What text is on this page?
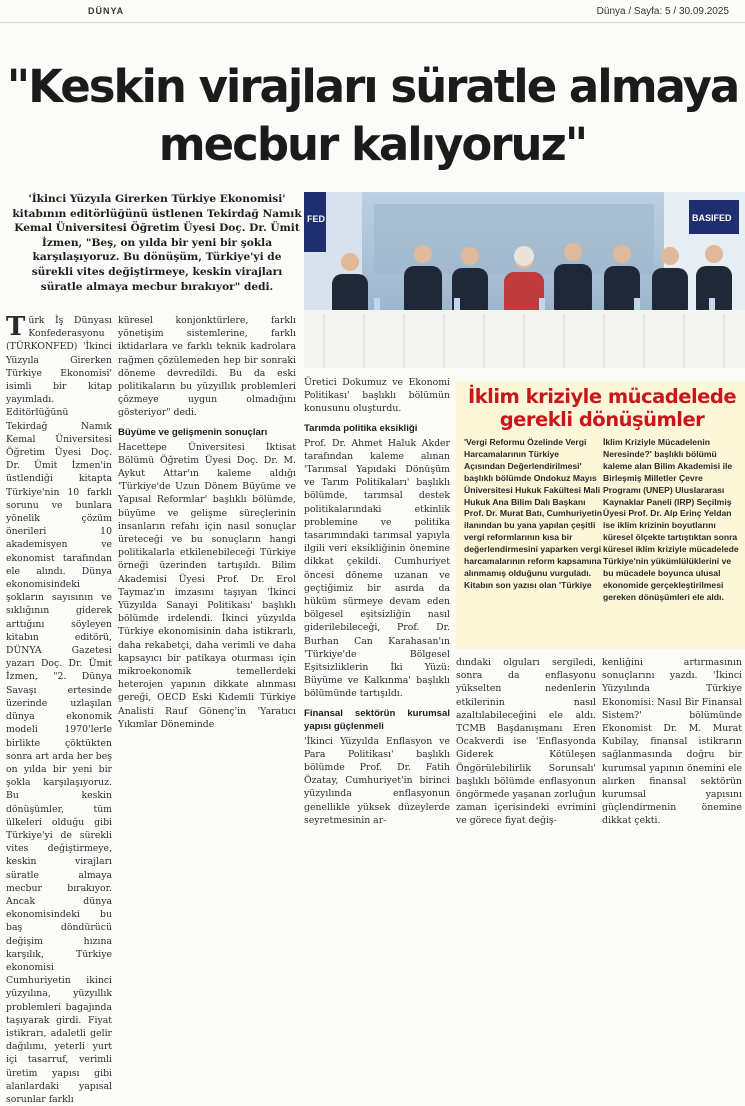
DÜNYA	Dünya / Sayfa: 5 / 30.09.2025
"Keskin virajları süratle almaya mecbur kalıyoruz"
'İkinci Yüzyıla Girerken Türkiye Ekonomisi' kitabının editörlüğünü üstlenen Tekirdağ Namık Kemal Üniversitesi Öğretim Üyesi Doç. Dr. Ümit İzmen, "Beş, on yılda bir yeni bir şokla karşılaşıyoruz. Bu dönüşüm, Türkiye'yi de sürekli vites değiştirmeye, keskin virajları süratle almaya mecbur bırakıyor" dedi.
FED	BASIFED
Türk İş Dünyası Konfederasyonu (TÜRKONFED) 'İkinci Yüzyıla Girerken Türkiye Ekonomisi' isimli bir kitap yayımladı. Editörlüğünü Tekirdağ Namık Kemal Üniversitesi Öğretim Üyesi Doç. Dr. Ümit İzmen'in üstlendiği kitapta Türkiye'nin 10 farklı sorunu ve bunlara yönelik çözüm önerileri 10 akademisyen ve ekonomist tarafından ele alındı. Dünya ekonomisindeki şokların sayısının ve sıklığının giderek arttığını söyleyen kitabın editörü, DÜNYA Gazetesi yazarı Doç. Dr. Ümit İzmen, "2. Dünya Savaşı ertesinde üzerinde uzlaşılan dünya ekonomik modeli 1970'lerle birlikte çöktükten sonra art arda her beş on yılda bir yeni bir şokla karşılaşıyoruz. Bu keskin dönüşümler, tüm ülkeleri olduğu gibi Türkiye'yi de sürekli vites değiştirmeye, keskin virajları süratle almaya mecbur bırakıyor. Ancak dünya ekonomisindeki bu baş döndürücü değişim hızına karşılık, Türkiye ekonomisi Cumhuriyetin ikinci yüzyılına, yüzyıllık problemleri bagajında taşıyarak girdi. Fiyat istikrarı, adaletli gelir dağılımı, yeterli yurt içi tasarruf, verimli üretim yapısı gibi alanlardaki yapısal sorunlar farklı

küresel konjonktürlere, farklı yönetişim sistemlerine, farklı iktidarlara ve farklı teknik kadrolara rağmen çözülemeden hep bir sonraki döneme devredildi. Bu da eski politikaların bu yüzyıllık problemleri çözmeye uygun olmadığını gösteriyor" dedi.

Büyüme ve gelişmenin sonuçları

Hacettepe Üniversitesi İktisat Bölümü Öğretim Üyesi Doç. Dr. M. Aykut Attar'ın kaleme aldığı 'Türkiye'de Uzun Dönem Büyüme ve Yapısal Reformlar' başlıklı bölümde, büyüme ve gelişme süreçlerinin insanların refahı için nasıl sonuçlar üreteceği ve bu sonuçların hangi politikalarla etkilenebileceği Türkiye örneği üzerinden tartışıldı. Bilim Akademisi Üyesi Prof. Dr. Erol Taymaz'ın imzasını taşıyan 'İkinci Yüzyılda Sanayi Politikası' başlıklı bölümde irdelendi. İkinci yüzyılda Türkiye ekonomisinin daha istikrarlı, daha rekabetçi, daha verimli ve daha kapsayıcı bir patikaya oturması için mikroekonomik temellerdeki heterojen yapının dikkate alınması gereği, OECD Eski Kıdemli Türkiye Analisti Rauf Gönenç'in 'Yaratıcı Yıkımlar Döneminde

Üretici Dokumuz ve Ekonomi Politikası' başlıklı bölümün konusunu oluşturdu.

Tarımda politika eksikliği

Prof. Dr. Ahmet Haluk Akder tarafından kaleme alınan 'Tarımsal Yapıdaki Dönüşüm ve Tarım Politikaları' başlıklı bölümde, tarımsal destek politikalarındaki etkinlik problemine ve politika tasarımındaki tarımsal yapıyla ilgili veri eksikliğinin önemine dikkat çekildi. Cumhuriyet öncesi döneme uzanan ve geçtiğimiz bir asırda da hüküm sürmeye devam eden bölgesel eşitsizliğin nasıl giderilebileceği, Prof. Dr. Burhan Can Karahasan'ın 'Türkiye'de Bölgesel Eşitsizliklerin İki Yüzü: Büyüme ve Kalkınma' başlıklı bölümünde tartışıldı.

Finansal sektörün kurumsal yapısı güçlenmeli

'İkinci Yüzyılda Enflasyon ve Para Politikası' başlıklı bölümde Prof. Dr. Fatih Özatay, Cumhuriyet'in birinci yüzyılında enflasyonun genellikle yüksek düzeylerde seyretmesinin ar-

İklim kriziyle mücadelede gerekli dönüşümler

'Vergi Reformu Özelinde Vergi Harcamalarının Türkiye Açısından Değerlendirilmesi' başlıklı bölümde Ondokuz Mayıs Üniversitesi Hukuk Fakültesi Mali Hukuk Ana Bilim Dalı Başkanı Prof. Dr. Murat Batı, Cumhuriyetin ilanından bu yana yapılan çeşitli vergi reformlarının kısa bir değerlendirmesini yaparken vergi harcamalarının reform kapsamına alınmamış olduğunu vurguladı. Kitabın son yazısı olan 'Türkiye

İklim Kriziyle Mücadelenin Neresinde?' başlıklı bölümü kaleme alan Bilim Akademisi ile Birleşmiş Milletler Çevre Programı (UNEP) Uluslararası Kaynaklar Paneli (IRP) Seçilmiş Üyesi Prof. Dr. Alp Erinç Yeldan ise iklim krizinin boyutlarını küresel ölçekte tartıştıktan sonra küresel iklim kriziyle mücadelede Türkiye'nin yükümlülüklerini ve bu mücadele boyunca ulusal ekonomide gerçekleştirilmesi gereken dönüşümleri ele aldı.

dındaki olguları sergiledi, sonra da enflasyonu yükselten nedenlerin etkilerinin nasıl azaltılabileceğini ele aldı. TCMB Başdanışmanı Eren Ocakverdi ise 'Enflasyonda Giderek Kötüleşen Öngörülebilirlik Sorunsalı' başlıklı bölümde enflasyonun öngörmede yaşanan zorluğun zaman içerisindeki evrimini ve görece fiyat değiş-

kenliğini artırmasının sonuçlarını yazdı. 'İkinci Yüzyılında Türkiye Ekonomisi: Nasıl Bir Finansal Sistem?' bölümünde Ekonomist Dr. M. Murat Kubilay, finansal istikrarın sağlanmasında doğru bir kurumsal yapının önemini ele alırken finansal sektörün kurumsal yapısını güçlendirmenin önemine dikkat çekti.
